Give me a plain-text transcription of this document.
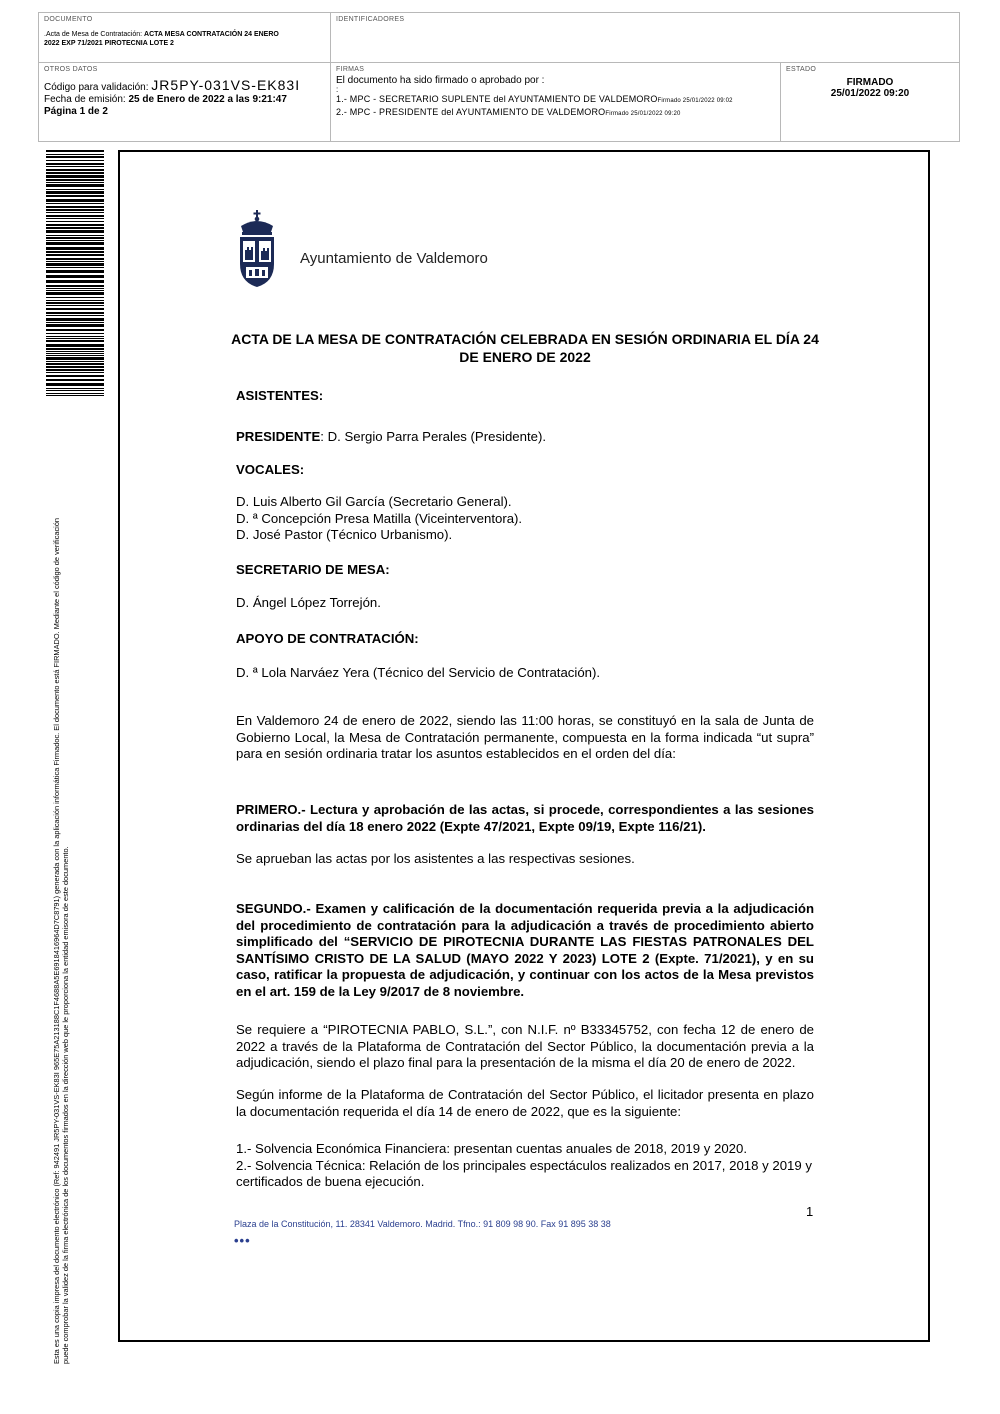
DOCUMENTO
.Acta de Mesa de Contratación: ACTA MESA CONTRATACIÓN 24 ENERO
2022 EXP 71/2021 PIROTECNIA LOTE 2
IDENTIFICADORES
OTROS DATOS
Código para validación: JR5PY-031VS-EK83I
Fecha de emisión: 25 de Enero de 2022 a las 9:21:47
Página 1 de 2
FIRMAS
El documento ha sido firmado o aprobado por :
:
1.- MPC - SECRETARIO SUPLENTE del AYUNTAMIENTO DE VALDEMOROFirmado 25/01/2022 09:02
2.- MPC - PRESIDENTE del AYUNTAMIENTO DE VALDEMOROFirmado 25/01/2022 09:20
ESTADO
FIRMADO
25/01/2022 09:20
Esta es una copia impresa del documento electrónico (Ref: 942491 JR5PY-031VS-EK83I 965E75A213188C1F4688A5E6918416964D7C8791) generada con la aplicación informática Firmadoc. El documento está FIRMADO. Mediante el código de verificación puede comprobar la validez de la firma electrónica de los documentos firmados en la dirección web que le proporciona la entidad emisora de este documento.
Ayuntamiento de Valdemoro
ACTA DE LA MESA DE CONTRATACIÓN CELEBRADA EN SESIÓN ORDINARIA EL DÍA 24
DE ENERO DE 2022
ASISTENTES:
PRESIDENTE: D. Sergio Parra Perales (Presidente).
VOCALES:
D. Luis Alberto Gil García (Secretario General).
D. ª Concepción Presa Matilla (Viceinterventora).
D. José Pastor (Técnico Urbanismo).
SECRETARIO DE MESA:
D. Ángel López Torrejón.
APOYO DE CONTRATACIÓN:
D. ª Lola Narváez Yera (Técnico del Servicio de Contratación).
En Valdemoro 24 de enero de 2022, siendo las 11:00 horas, se constituyó en la sala de Junta de Gobierno Local, la Mesa de Contratación permanente, compuesta en la forma indicada “ut supra” para en sesión ordinaria tratar los asuntos establecidos en el orden del día:
PRIMERO.- Lectura y aprobación de las actas, si procede, correspondientes a las sesiones ordinarias del día 18 enero 2022 (Expte 47/2021, Expte 09/19, Expte 116/21).
Se aprueban las actas por los asistentes a las respectivas sesiones.
SEGUNDO.- Examen y calificación de la documentación requerida previa a la adjudicación del procedimiento de contratación para la adjudicación a través de procedimiento abierto simplificado del “SERVICIO DE PIROTECNIA DURANTE LAS FIESTAS PATRONALES DEL SANTÍSIMO CRISTO DE LA SALUD (MAYO 2022 Y 2023) LOTE 2 (Expte. 71/2021), y en su caso, ratificar la propuesta de adjudicación, y continuar con los actos de la Mesa previstos en el art. 159 de la Ley 9/2017 de 8 noviembre.
Se requiere a “PIROTECNIA PABLO, S.L.”, con N.I.F. nº B33345752, con fecha 12 de enero de 2022 a través de la Plataforma de Contratación del Sector Público, la documentación previa a la adjudicación, siendo el plazo final para la presentación de la misma el día 20 de enero de 2022.
Según informe de la Plataforma de Contratación del Sector Público, el licitador presenta en plazo la documentación requerida el día 14 de enero de 2022, que es la siguiente:
1.- Solvencia Económica Financiera: presentan cuentas anuales de 2018, 2019 y 2020.
2.- Solvencia Técnica: Relación de los principales espectáculos realizados en 2017, 2018 y 2019 y certificados de buena ejecución.
1
Plaza de la Constitución, 11. 28341 Valdemoro. Madrid. Tfno.: 91 809 98 90. Fax 91 895 38 38
•••
